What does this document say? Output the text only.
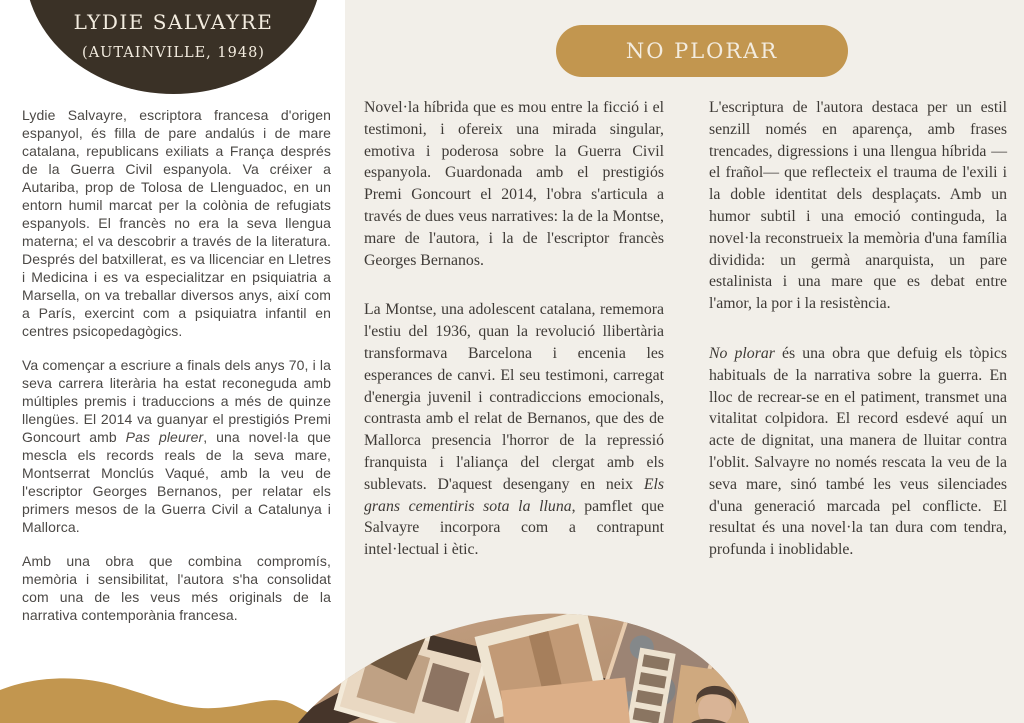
LYDIE SALVAYRE
(AUTAINVILLE, 1948)

Lydie Salvayre, escriptora francesa d'origen espanyol, és filla de pare andalús i de mare catalana, republicans exiliats a França després de la Guerra Civil espanyola. Va créixer a Autariba, prop de Tolosa de Llenguadoc, en un entorn humil marcat per la colònia de refugiats espanyols. El francès no era la seva llengua materna; el va descobrir a través de la literatura. Després del batxillerat, es va llicenciar en Lletres i Medicina i es va especialitzar en psiquiatria a Marsella, on va treballar diversos anys, així com a París, exercint com a psiquiatra infantil en centres psicopedagògics.

Va començar a escriure a finals dels anys 70, i la seva carrera literària ha estat reconeguda amb múltiples premis i traduccions a més de quinze llengües. El 2014 va guanyar el prestigiós Premi Goncourt amb Pas pleurer, una novel·la que mescla els records reals de la seva mare, Montserrat Monclús Vaqué, amb la veu de l'escriptor Georges Bernanos, per relatar els primers mesos de la Guerra Civil a Catalunya i Mallorca.

Amb una obra que combina compromís, memòria i sensibilitat, l'autora s'ha consolidat com una de les veus més originals de la narrativa contemporània francesa.

NO PLORAR

Novel·la híbrida que es mou entre la ficció i el testimoni, i ofereix una mirada singular, emotiva i poderosa sobre la Guerra Civil espanyola. Guardonada amb el prestigiós Premi Goncourt el 2014, l'obra s'articula a través de dues veus narratives: la de la Montse, mare de l'autora, i la de l'escriptor francès Georges Bernanos.

La Montse, una adolescent catalana, rememora l'estiu del 1936, quan la revolució llibertària transformava Barcelona i encenia les esperances de canvi. El seu testimoni, carregat d'energia juvenil i contradiccions emocionals, contrasta amb el relat de Bernanos, que des de Mallorca presencia l'horror de la repressió franquista i l'aliança del clergat amb els sublevats. D'aquest desengany en neix Els grans cementiris sota la lluna, pamflet que Salvayre incorpora com a contrapunt intel·lectual i ètic.

L'escriptura de l'autora destaca per un estil senzill només en aparença, amb frases trencades, digressions i una llengua híbrida —el frañol— que reflecteix el trauma de l'exili i la doble identitat dels desplaçats. Amb un humor subtil i una emoció continguda, la novel·la reconstrueix la memòria d'una família dividida: un germà anarquista, un pare estalinista i una mare que es debat entre l'amor, la por i la resistència.

No plorar és una obra que defuig els tòpics habituals de la narrativa sobre la guerra. En lloc de recrear-se en el patiment, transmet una vitalitat colpidora. El record esdevé aquí un acte de dignitat, una manera de lluitar contra l'oblit. Salvayre no només rescata la veu de la seva mare, sinó també les veus silenciades d'una generació marcada pel conflicte. El resultat és una novel·la tan dura com tendra, profunda i inoblidable.
